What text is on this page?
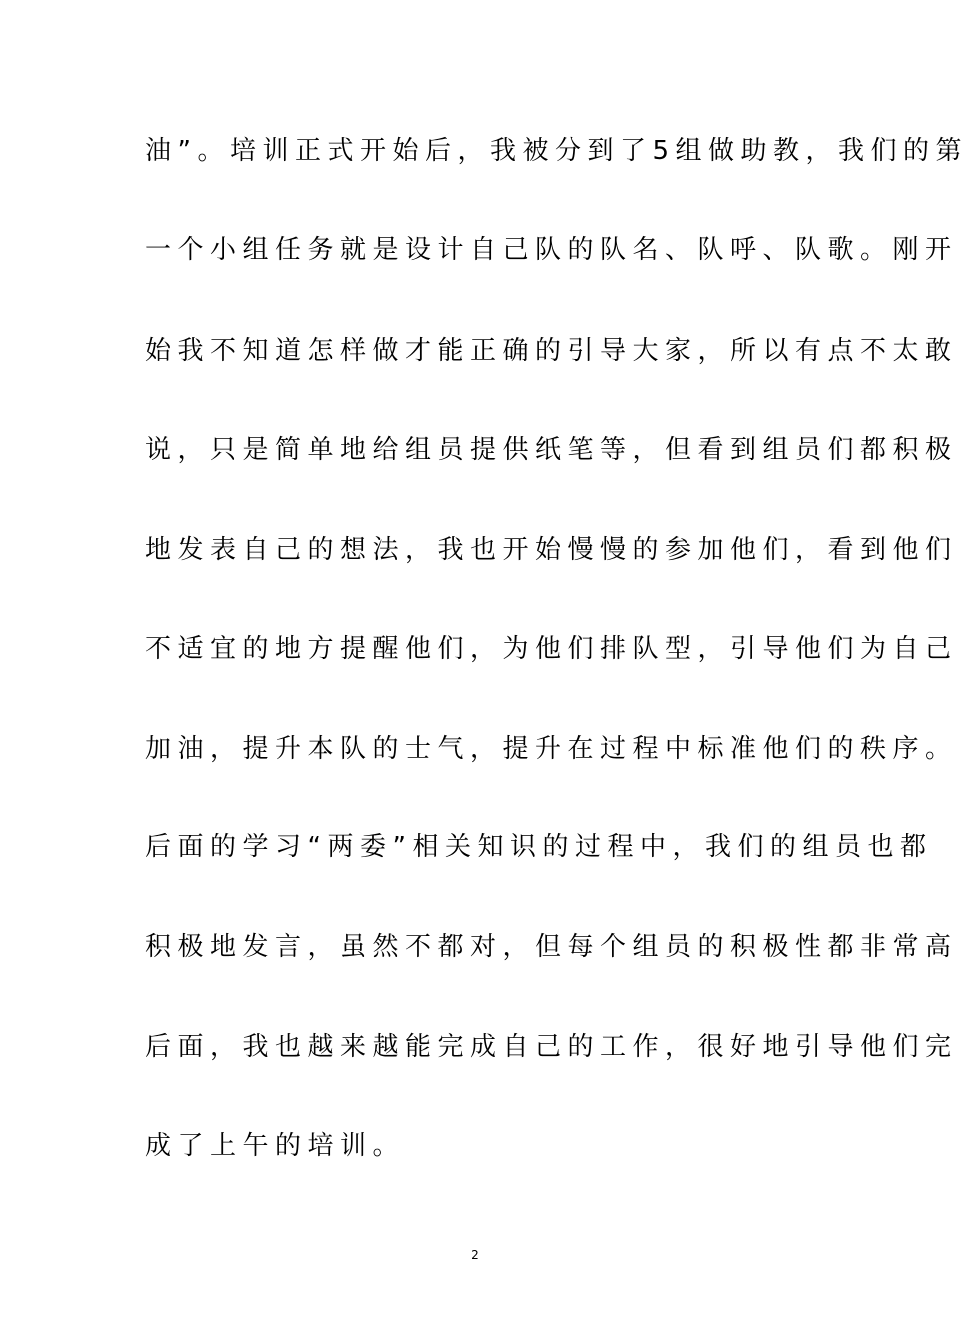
油”。培训正式开始后，我被分到了5组做助教，我们的第
一个小组任务就是设计自己队的队名、队呼、队歌。刚开
始我不知道怎样做才能正确的引导大家，所以有点不太敢
说，只是简单地给组员提供纸笔等，但看到组员们都积极
地发表自己的想法，我也开始慢慢的参加他们，看到他们
不适宜的地方提醒他们，为他们排队型，引导他们为自己
加油，提升本队的士气，提升在过程中标准他们的秩序。
后面的学习“两委”相关知识的过程中，我们的组员也都
积极地发言，虽然不都对，但每个组员的积极性都非常高
后面，我也越来越能完成自己的工作，很好地引导他们完
成了上午的培训。
2
